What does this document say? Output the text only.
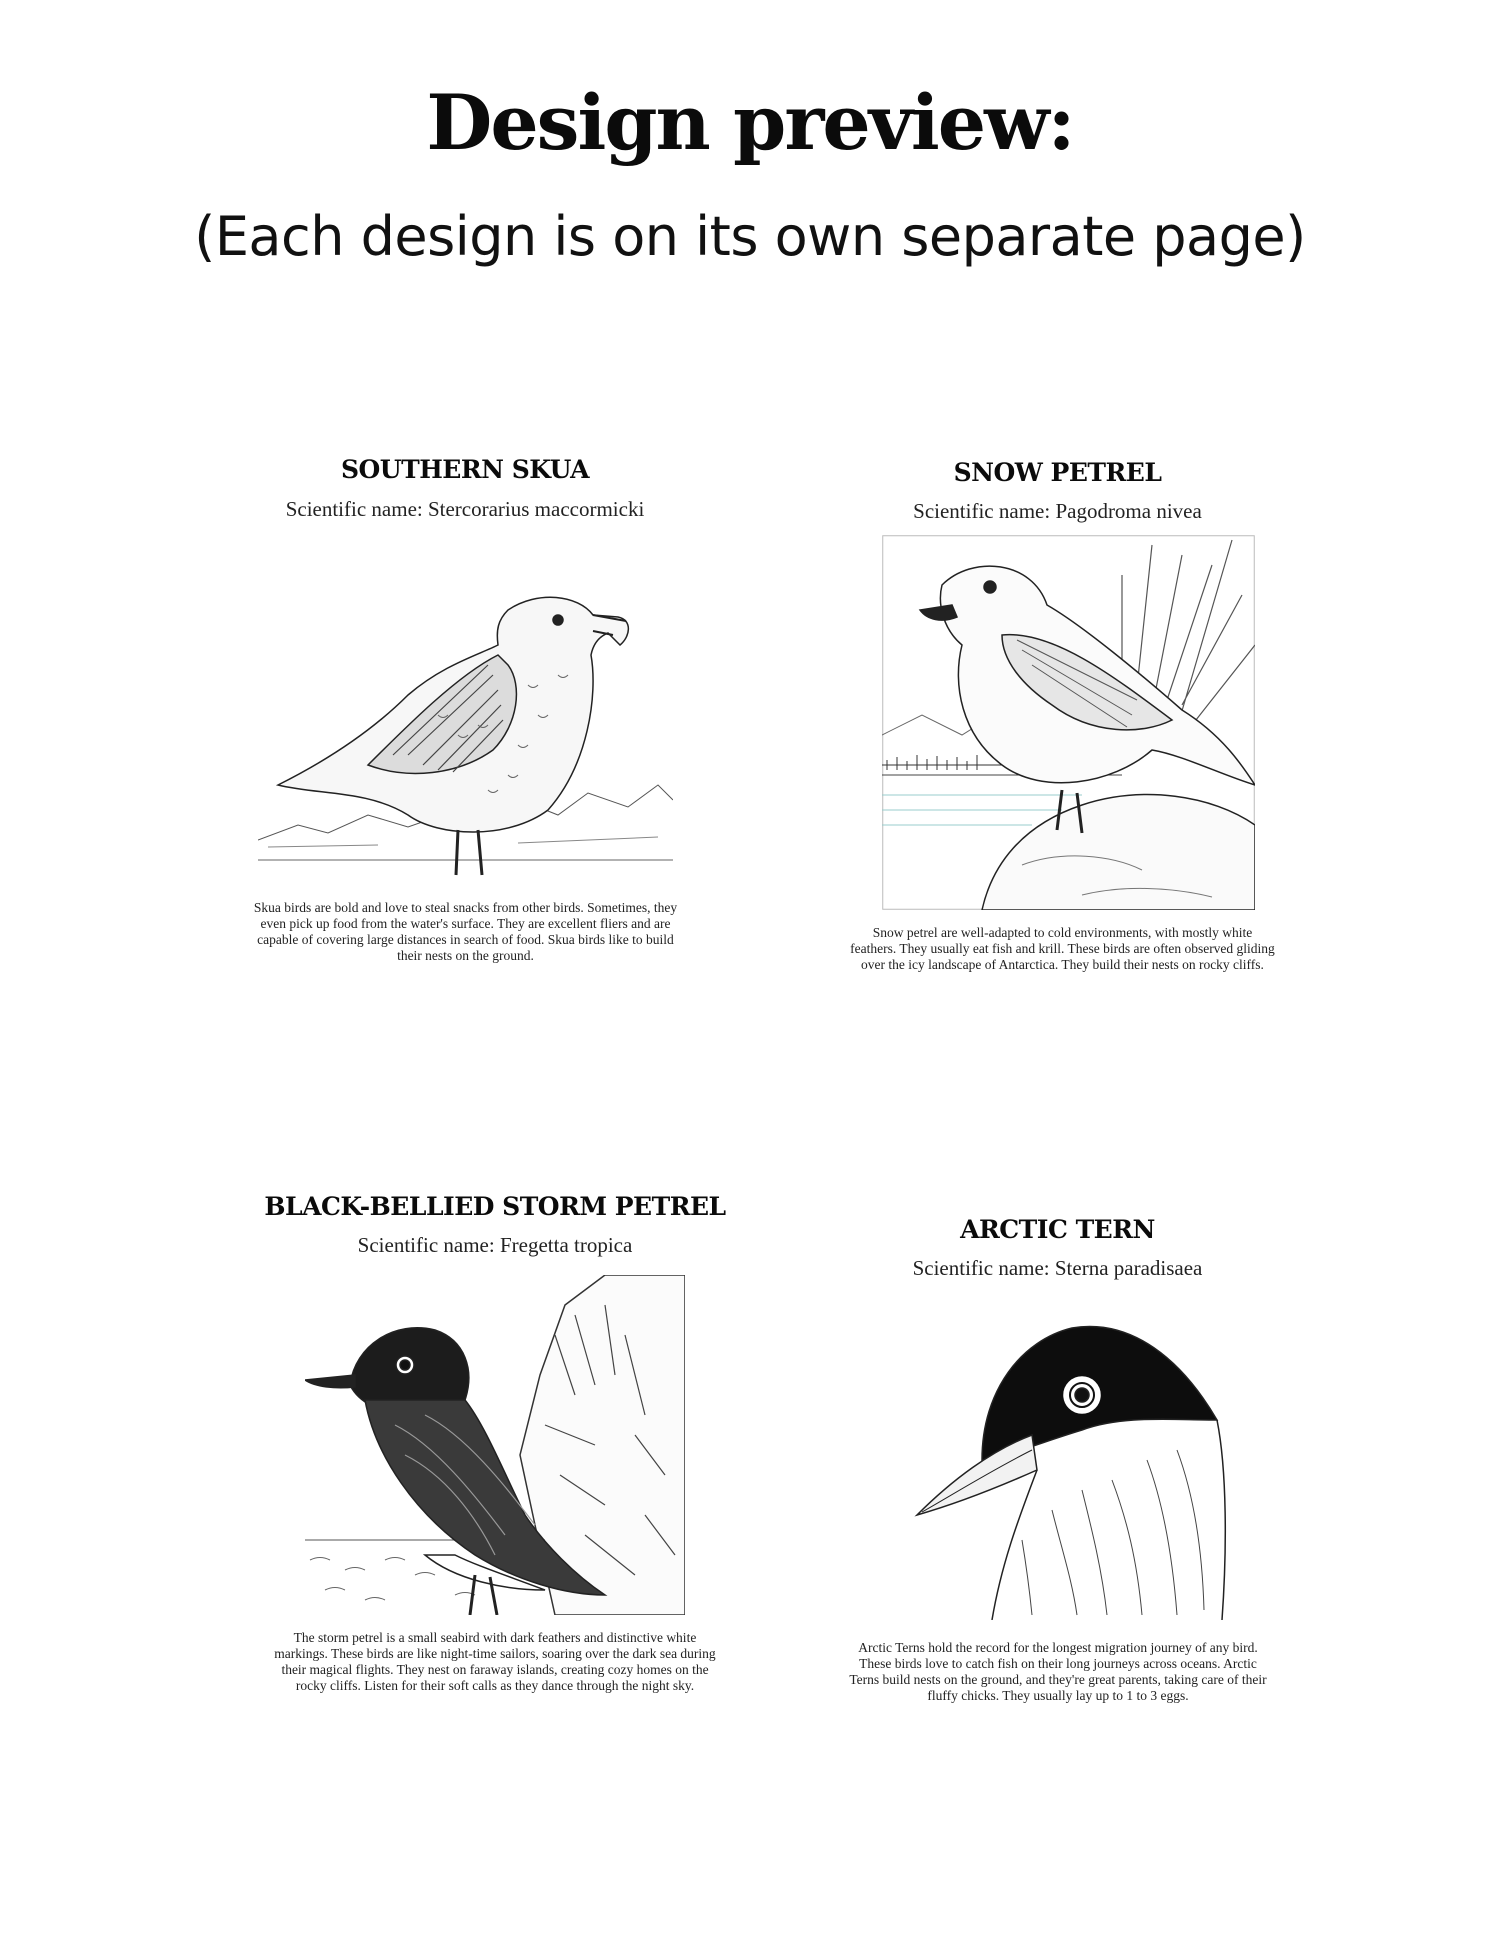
Design preview:
(Each design is on its own separate page)
SOUTHERN SKUA
Scientific name: Stercorarius maccormicki
Skua birds are bold and love to steal snacks from other birds. Sometimes, they even pick up food from the water's surface. They are excellent fliers and are capable of covering large distances in search of food. Skua birds like to build their nests on the ground.
SNOW PETREL
Scientific name: Pagodroma nivea
Snow petrel are well-adapted to cold environments, with mostly white feathers. They usually eat fish and krill. These birds are often observed gliding over the icy landscape of Antarctica. They build their nests on rocky cliffs.
BLACK-BELLIED STORM PETREL
Scientific name: Fregetta tropica
The storm petrel is a small seabird with dark feathers and distinctive white markings. These birds are like night-time sailors, soaring over the dark sea during their magical flights. They nest on faraway islands, creating cozy homes on the rocky cliffs. Listen for their soft calls as they dance through the night sky.
ARCTIC TERN
Scientific name: Sterna paradisaea
Arctic Terns hold the record for the longest migration journey of any bird. These birds love to catch fish on their long journeys across oceans. Arctic Terns build nests on the ground, and they're great parents, taking care of their fluffy chicks. They usually lay up to 1 to 3 eggs.
